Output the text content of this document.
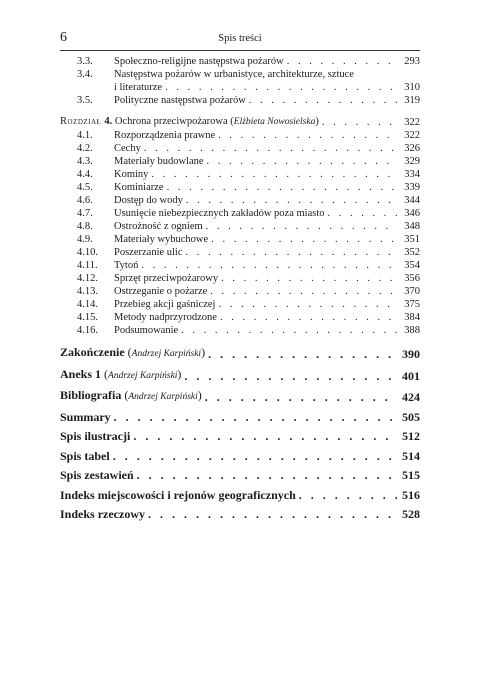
6	Spis treści
3.3.	Społeczno-religijne następstwa pożarów . . .	293
3.4.	Następstwa pożarów w urbanistyce, architekturze, sztuce
i literaturze . . .	310
3.5.	Polityczne następstwa pożarów . . .	319
Rozdział 4. Ochrona przeciwpożarowa (Elżbieta Nowosielska) . . .	322
4.1.	Rozporządzenia prawne . . .	322
4.2.	Cechy . . .	326
4.3.	Materiały budowlane . . .	329
4.4.	Kominy . . .	334
4.5.	Kominiarze . . .	339
4.6.	Dostęp do wody . . .	344
4.7.	Usunięcie niebezpiecznych zakładów poza miasto . . .	346
4.8.	Ostrożność z ogniem . . .	348
4.9.	Materiały wybuchowe . . .	351
4.10.	Poszerzanie ulic . . .	352
4.11.	Tytoń . . .	354
4.12.	Sprzęt przeciwpożarowy . . .	356
4.13.	Ostrzeganie o pożarze . . .	370
4.14.	Przebieg akcji gaśniczej . . .	375
4.15.	Metody nadprzyrodzone . . .	384
4.16.	Podsumowanie . . .	388
Zakończenie (Andrzej Karpiński) . . .	390
Aneks 1 (Andrzej Karpiński) . . .	401
Bibliografia (Andrzej Karpiński) . . .	424
Summary . . .	505
Spis ilustracji . . .	512
Spis tabel . . .	514
Spis zestawień . . .	515
Indeks miejscowości i rejonów geograficznych . . .	516
Indeks rzeczowy . . .	528
